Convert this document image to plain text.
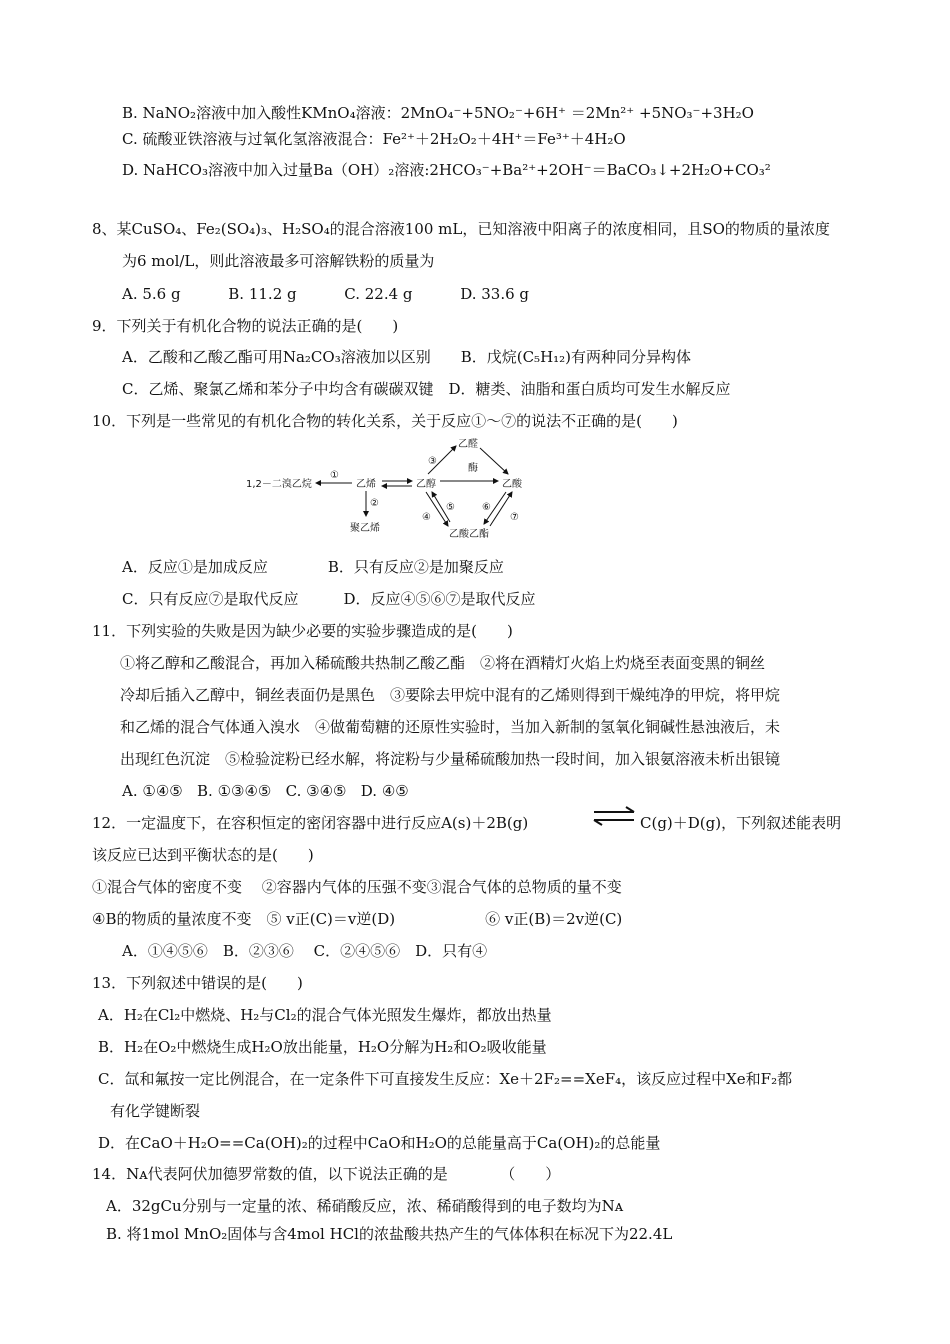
B. NaNO₂溶液中加入酸性KMnO₄溶液：2MnO₄⁻+5NO₂⁻+6H⁺ ＝2Mn²⁺ +5NO₃⁻+3H₂O
C. 硫酸亚铁溶液与过氧化氢溶液混合：Fe²⁺＋2H₂O₂＋4H⁺＝Fe³⁺＋4H₂O
D. NaHCO₃溶液中加入过量Ba（OH）₂溶液:2HCO₃⁻+Ba²⁺+2OH⁻＝BaCO₃↓+2H₂O+CO₃²
8、某CuSO₄、Fe₂(SO₄)₃、H₂SO₄的混合溶液100 mL，已知溶液中阳离子的浓度相同，且SO的物质的量浓度
为6 mol/L，则此溶液最多可溶解铁粉的质量为
A. 5.6 g          B. 11.2 g          C. 22.4 g          D. 33.6 g
9．下列关于有机化合物的说法正确的是(　　)
A．乙酸和乙酸乙酯可用Na₂CO₃溶液加以区别　　B．戊烷(C₅H₁₂)有两种同分异构体
C．乙烯、聚氯乙烯和苯分子中均含有碳碳双键　D．糖类、油脂和蛋白质均可发生水解反应
10．下列是一些常见的有机化合物的转化关系，关于反应①～⑦的说法不正确的是(　　)
1,2－二溴乙烷	乙烯
聚乙烯
乙醇
乙醛
乙酸
乙酸乙酯
酶
①
②
③
④
⑤	⑥
⑦
A．反应①是加成反应　　　　B．只有反应②是加聚反应
C．只有反应⑦是取代反应　　　D．反应④⑤⑥⑦是取代反应
11．下列实验的失败是因为缺少必要的实验步骤造成的是(　　)
①将乙醇和乙酸混合，再加入稀硫酸共热制乙酸乙酯　②将在酒精灯火焰上灼烧至表面变黑的铜丝
冷却后插入乙醇中，铜丝表面仍是黑色　③要除去甲烷中混有的乙烯则得到干燥纯净的甲烷，将甲烷
和乙烯的混合气体通入溴水　④做葡萄糖的还原性实验时，当加入新制的氢氧化铜碱性悬浊液后，未
出现红色沉淀　⑤检验淀粉已经水解，将淀粉与少量稀硫酸加热一段时间，加入银氨溶液未析出银镜
A. ①④⑤   B. ①③④⑤   C. ③④⑤   D. ④⑤
12．一定温度下，在容积恒定的密闭容器中进行反应A(s)＋2B(g)	⇌ C(g)＋D(g)，下列叙述能表明
该反应已达到平衡状态的是(　　)
①混合气体的密度不变　 ②容器内气体的压强不变③混合气体的总物质的量不变
④B的物质的量浓度不变　⑤ v正(C)＝v逆(D)　　　　　　⑥ v正(B)＝2v逆(C)
A．①④⑤⑥　B．②③⑥　 C．②④⑤⑥　D．只有④
13．下列叙述中错误的是(　　)
A．H₂在Cl₂中燃烧、H₂与Cl₂的混合气体光照发生爆炸，都放出热量
B．H₂在O₂中燃烧生成H₂O放出能量，H₂O分解为H₂和O₂吸收能量
C．氙和氟按一定比例混合，在一定条件下可直接发生反应：Xe＋2F₂==XeF₄，该反应过程中Xe和F₂都
有化学键断裂
D．在CaO＋H₂O==Ca(OH)₂的过程中CaO和H₂O的总能量高于Ca(OH)₂的总能量
14．Nᴀ代表阿伏加德罗常数的值，以下说法正确的是　　　　（　　）
A．32gCu分别与一定量的浓、稀硝酸反应，浓、稀硝酸得到的电子数均为Nᴀ
B. 将1mol MnO₂固体与含4mol HCl的浓盐酸共热产生的气体体积在标况下为22.4L
